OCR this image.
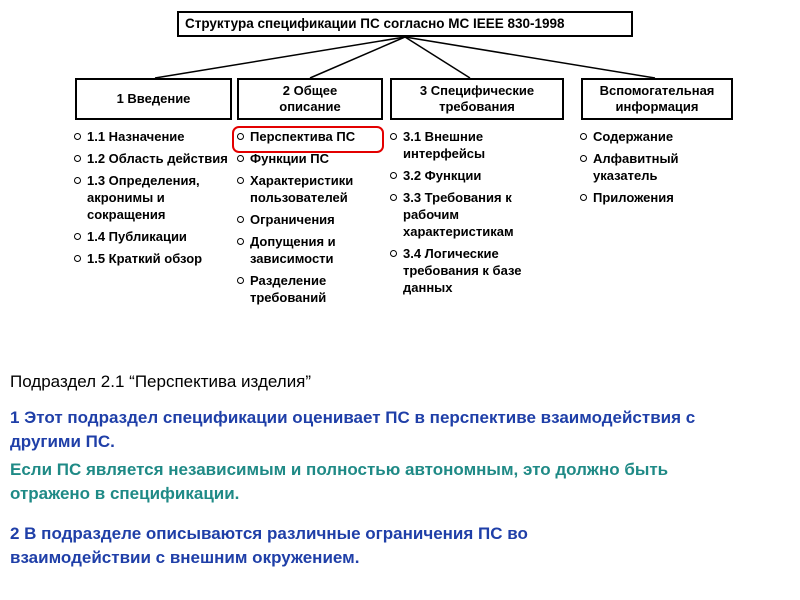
Структура спецификации ПС согласно МС IEEE 830-1998
1 Введение
2 Общее описание
3 Специфические требования
Вспомогательная информация
1.1 Назначение
1.2 Область действия
1.3 Определения, акронимы и сокращения
1.4 Публикации
1.5 Краткий обзор
Перспектива ПС
Функции ПС
Характеристики пользователей
Ограничения
Допущения и зависимости
Разделение требований
3.1 Внешние интерфейсы
3.2 Функции
3.3 Требования к рабочим характеристикам
3.4 Логические требования к базе данных
Содержание
Алфавитный указатель
Приложения
Подраздел 2.1 “Перспектива изделия”
1 Этот подраздел спецификации оценивает ПС в перспективе взаимодействия с другими ПС.
Если ПС является независимым и полностью автономным, это должно быть отражено в спецификации.
2 В подразделе описываются различные ограничения ПС во взаимодействии с внешним окружением.
